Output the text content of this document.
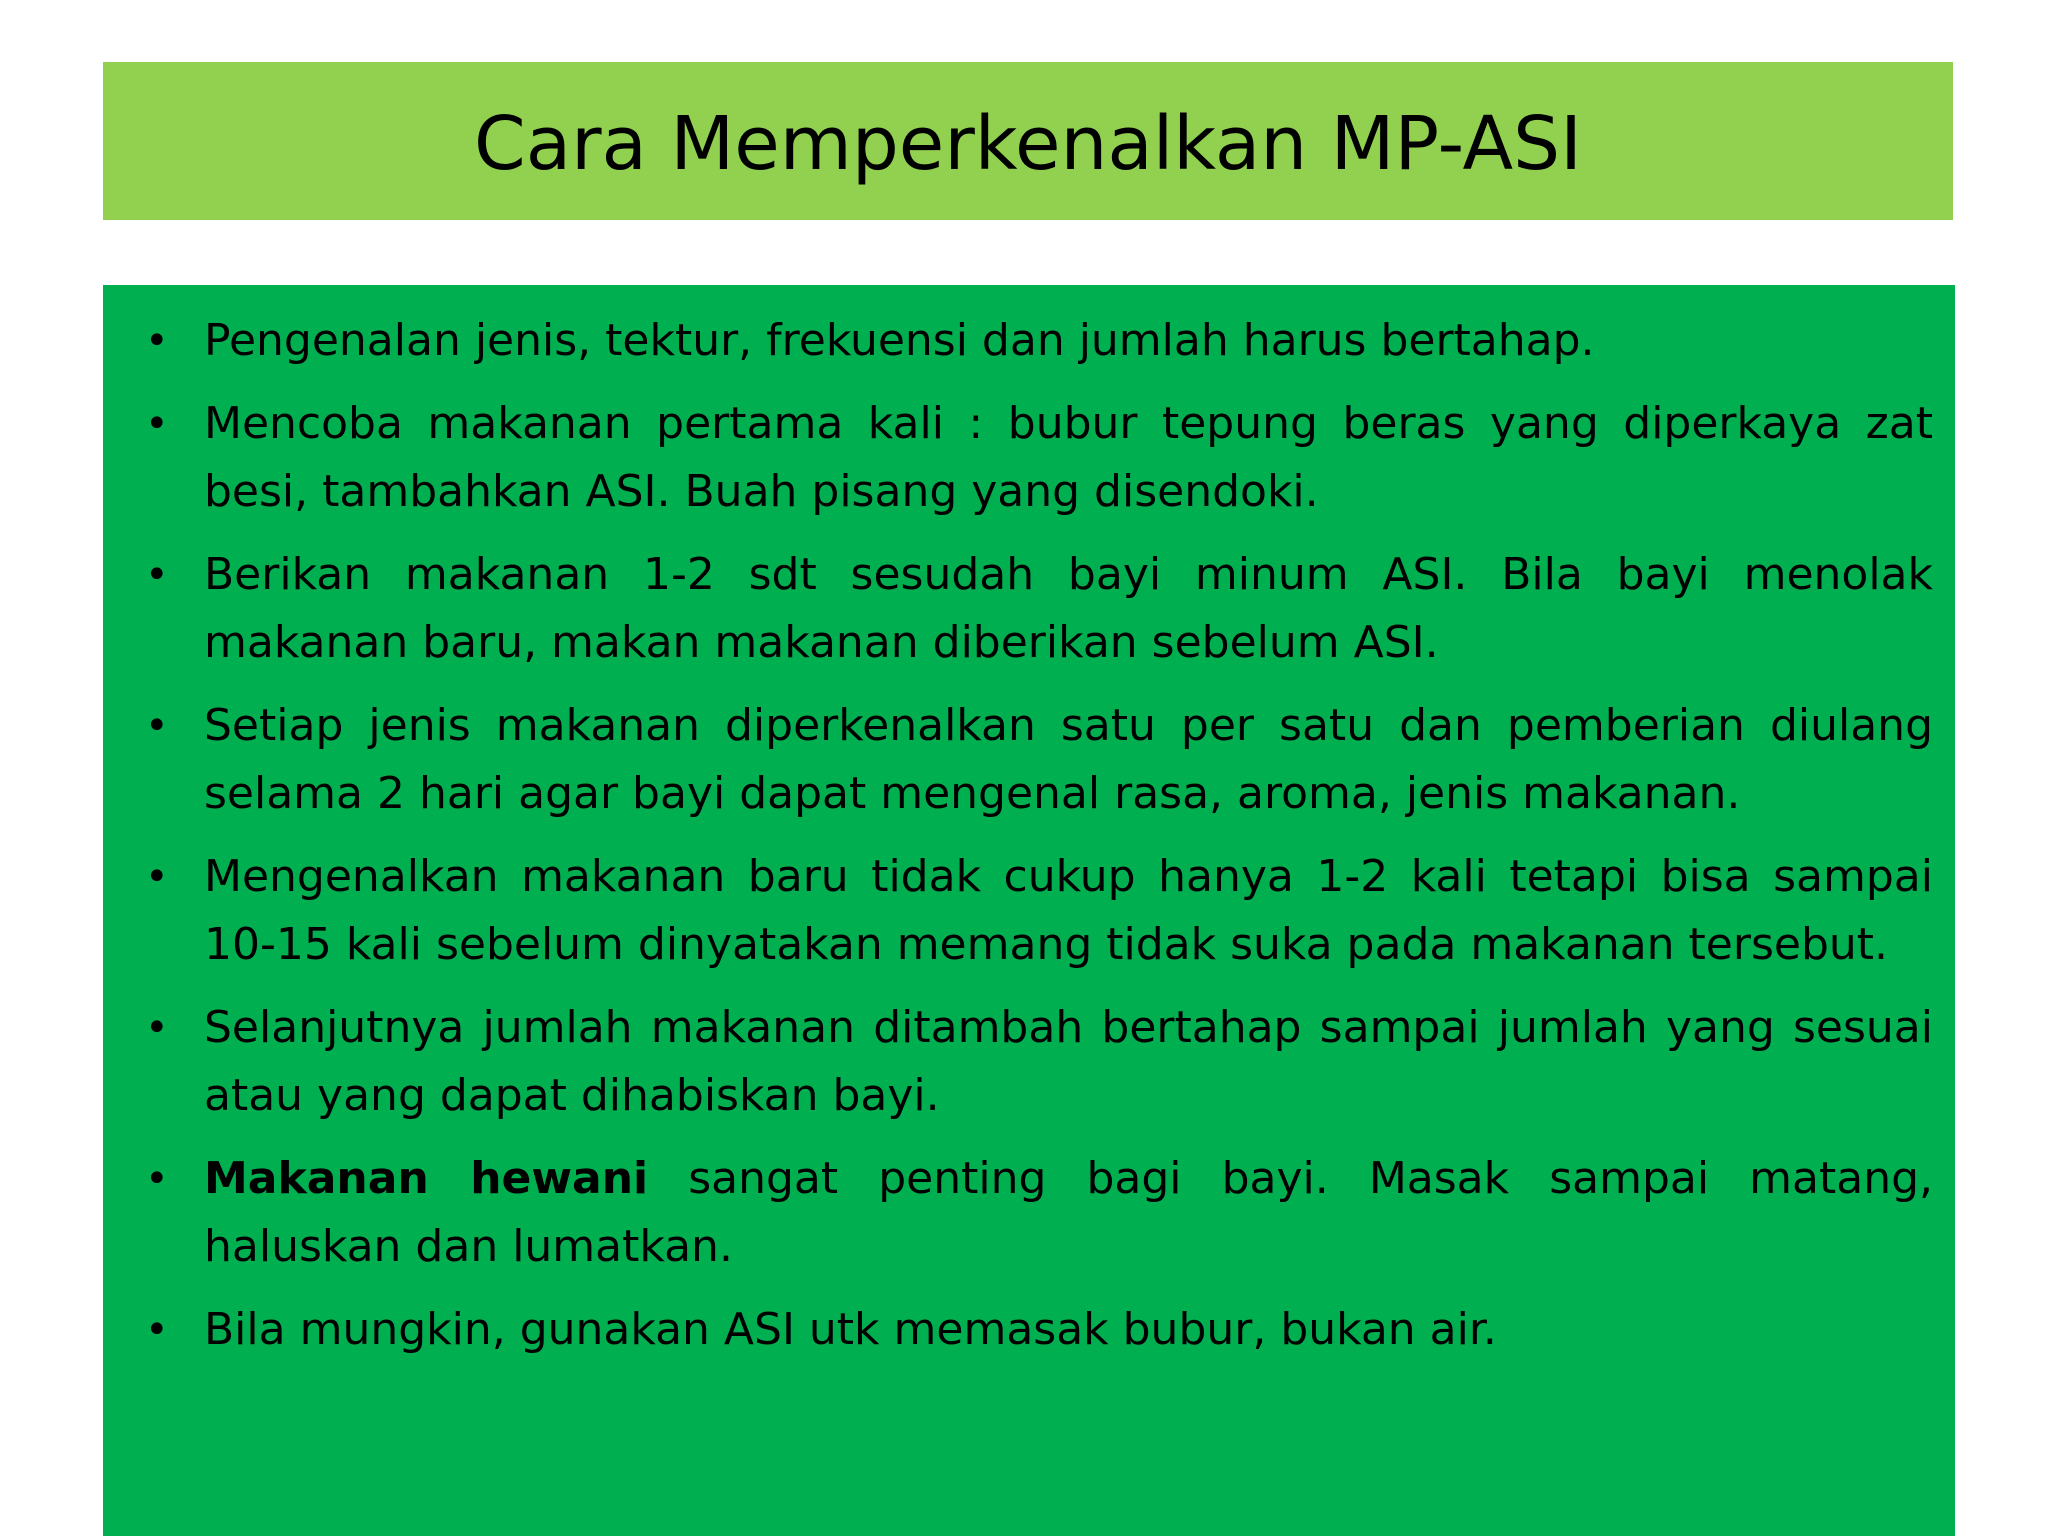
Cara Memperkenalkan MP-ASI
• Pengenalan jenis, tektur, frekuensi dan jumlah harus bertahap.
• Mencoba makanan pertama kali : bubur tepung beras yang diperkaya zat besi, tambahkan ASI. Buah pisang yang disendoki.
• Berikan makanan 1-2 sdt sesudah bayi minum ASI. Bila bayi menolak makanan baru, makan makanan diberikan sebelum ASI.
• Setiap jenis makanan diperkenalkan satu per satu dan pemberian diulang selama 2 hari agar bayi dapat mengenal rasa, aroma, jenis makanan.
• Mengenalkan makanan baru tidak cukup hanya 1-2 kali tetapi bisa sampai 10-15 kali sebelum dinyatakan memang tidak suka pada makanan tersebut.
• Selanjutnya jumlah makanan ditambah bertahap sampai jumlah yang sesuai atau yang dapat dihabiskan bayi.
• Makanan hewani sangat penting bagi bayi. Masak sampai matang, haluskan dan lumatkan.
• Bila mungkin, gunakan ASI utk memasak bubur, bukan air.
